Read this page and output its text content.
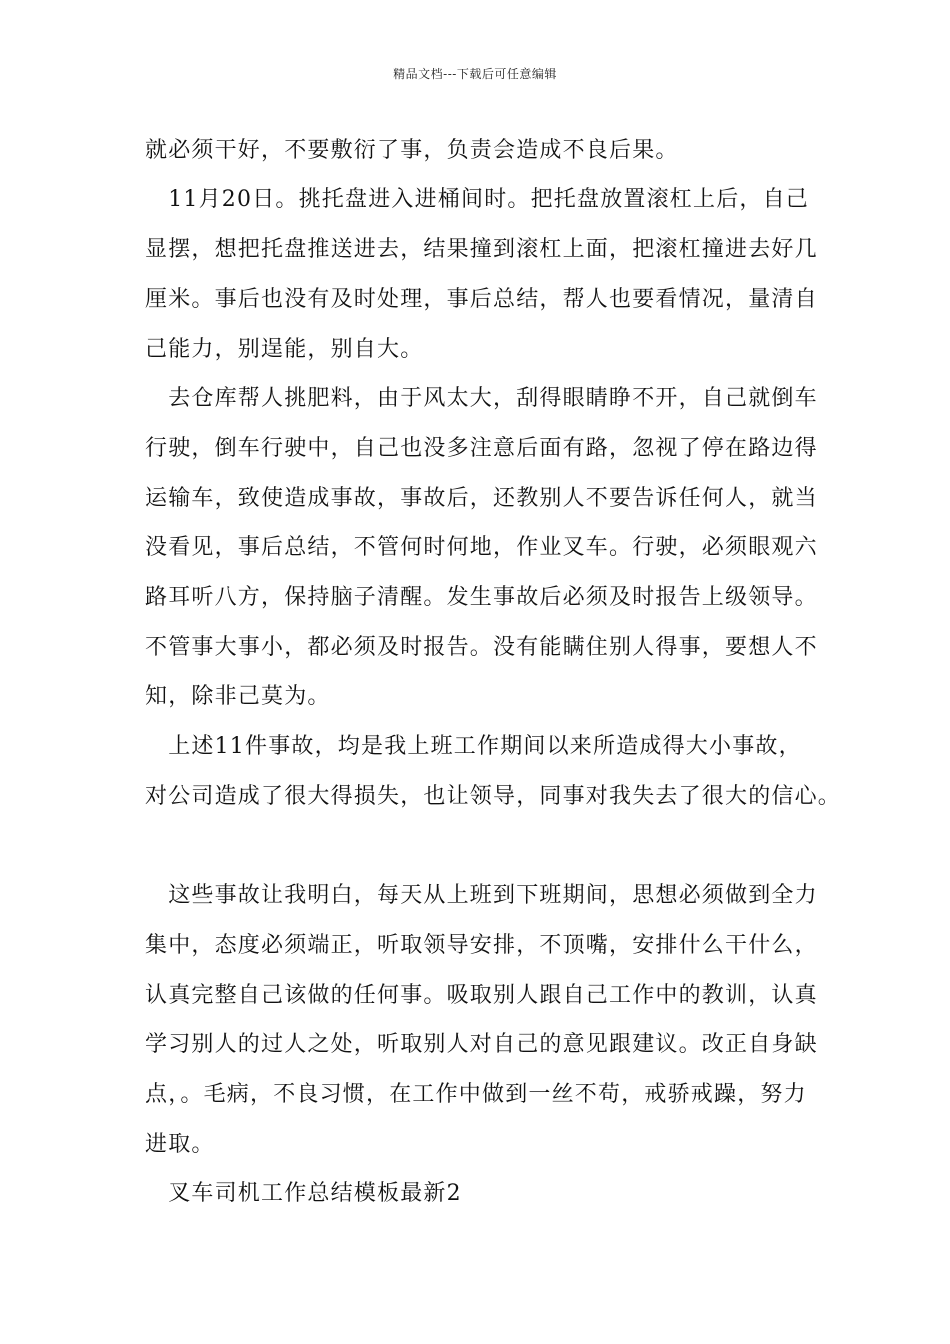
精品文档---下载后可任意编辑
就必须干好，不要敷衍了事，负责会造成不良后果。
　11月20日。挑托盘进入进桶间时。把托盘放置滚杠上后，自己
显摆，想把托盘推送进去，结果撞到滚杠上面，把滚杠撞进去好几
厘米。事后也没有及时处理，事后总结，帮人也要看情况，量清自
己能力，别逞能，别自大。
　去仓库帮人挑肥料，由于风太大，刮得眼睛睁不开，自己就倒车
行驶，倒车行驶中，自己也没多注意后面有路，忽视了停在路边得
运输车，致使造成事故，事故后，还教别人不要告诉任何人，就当
没看见，事后总结，不管何时何地，作业叉车。行驶，必须眼观六
路耳听八方，保持脑子清醒。发生事故后必须及时报告上级领导。
不管事大事小，都必须及时报告。没有能瞒住别人得事，要想人不
知，除非己莫为。
　上述11件事故，均是我上班工作期间以来所造成得大小事故，
对公司造成了很大得损失，也让领导，同事对我失去了很大的信心。
　这些事故让我明白，每天从上班到下班期间，思想必须做到全力
集中，态度必须端正，听取领导安排，不顶嘴，安排什么干什么，
认真完整自己该做的任何事。吸取别人跟自己工作中的教训，认真
学习别人的过人之处，听取别人对自己的意见跟建议。改正自身缺
点，。毛病，不良习惯，在工作中做到一丝不苟，戒骄戒躁，努力
进取。
　叉车司机工作总结模板最新2
